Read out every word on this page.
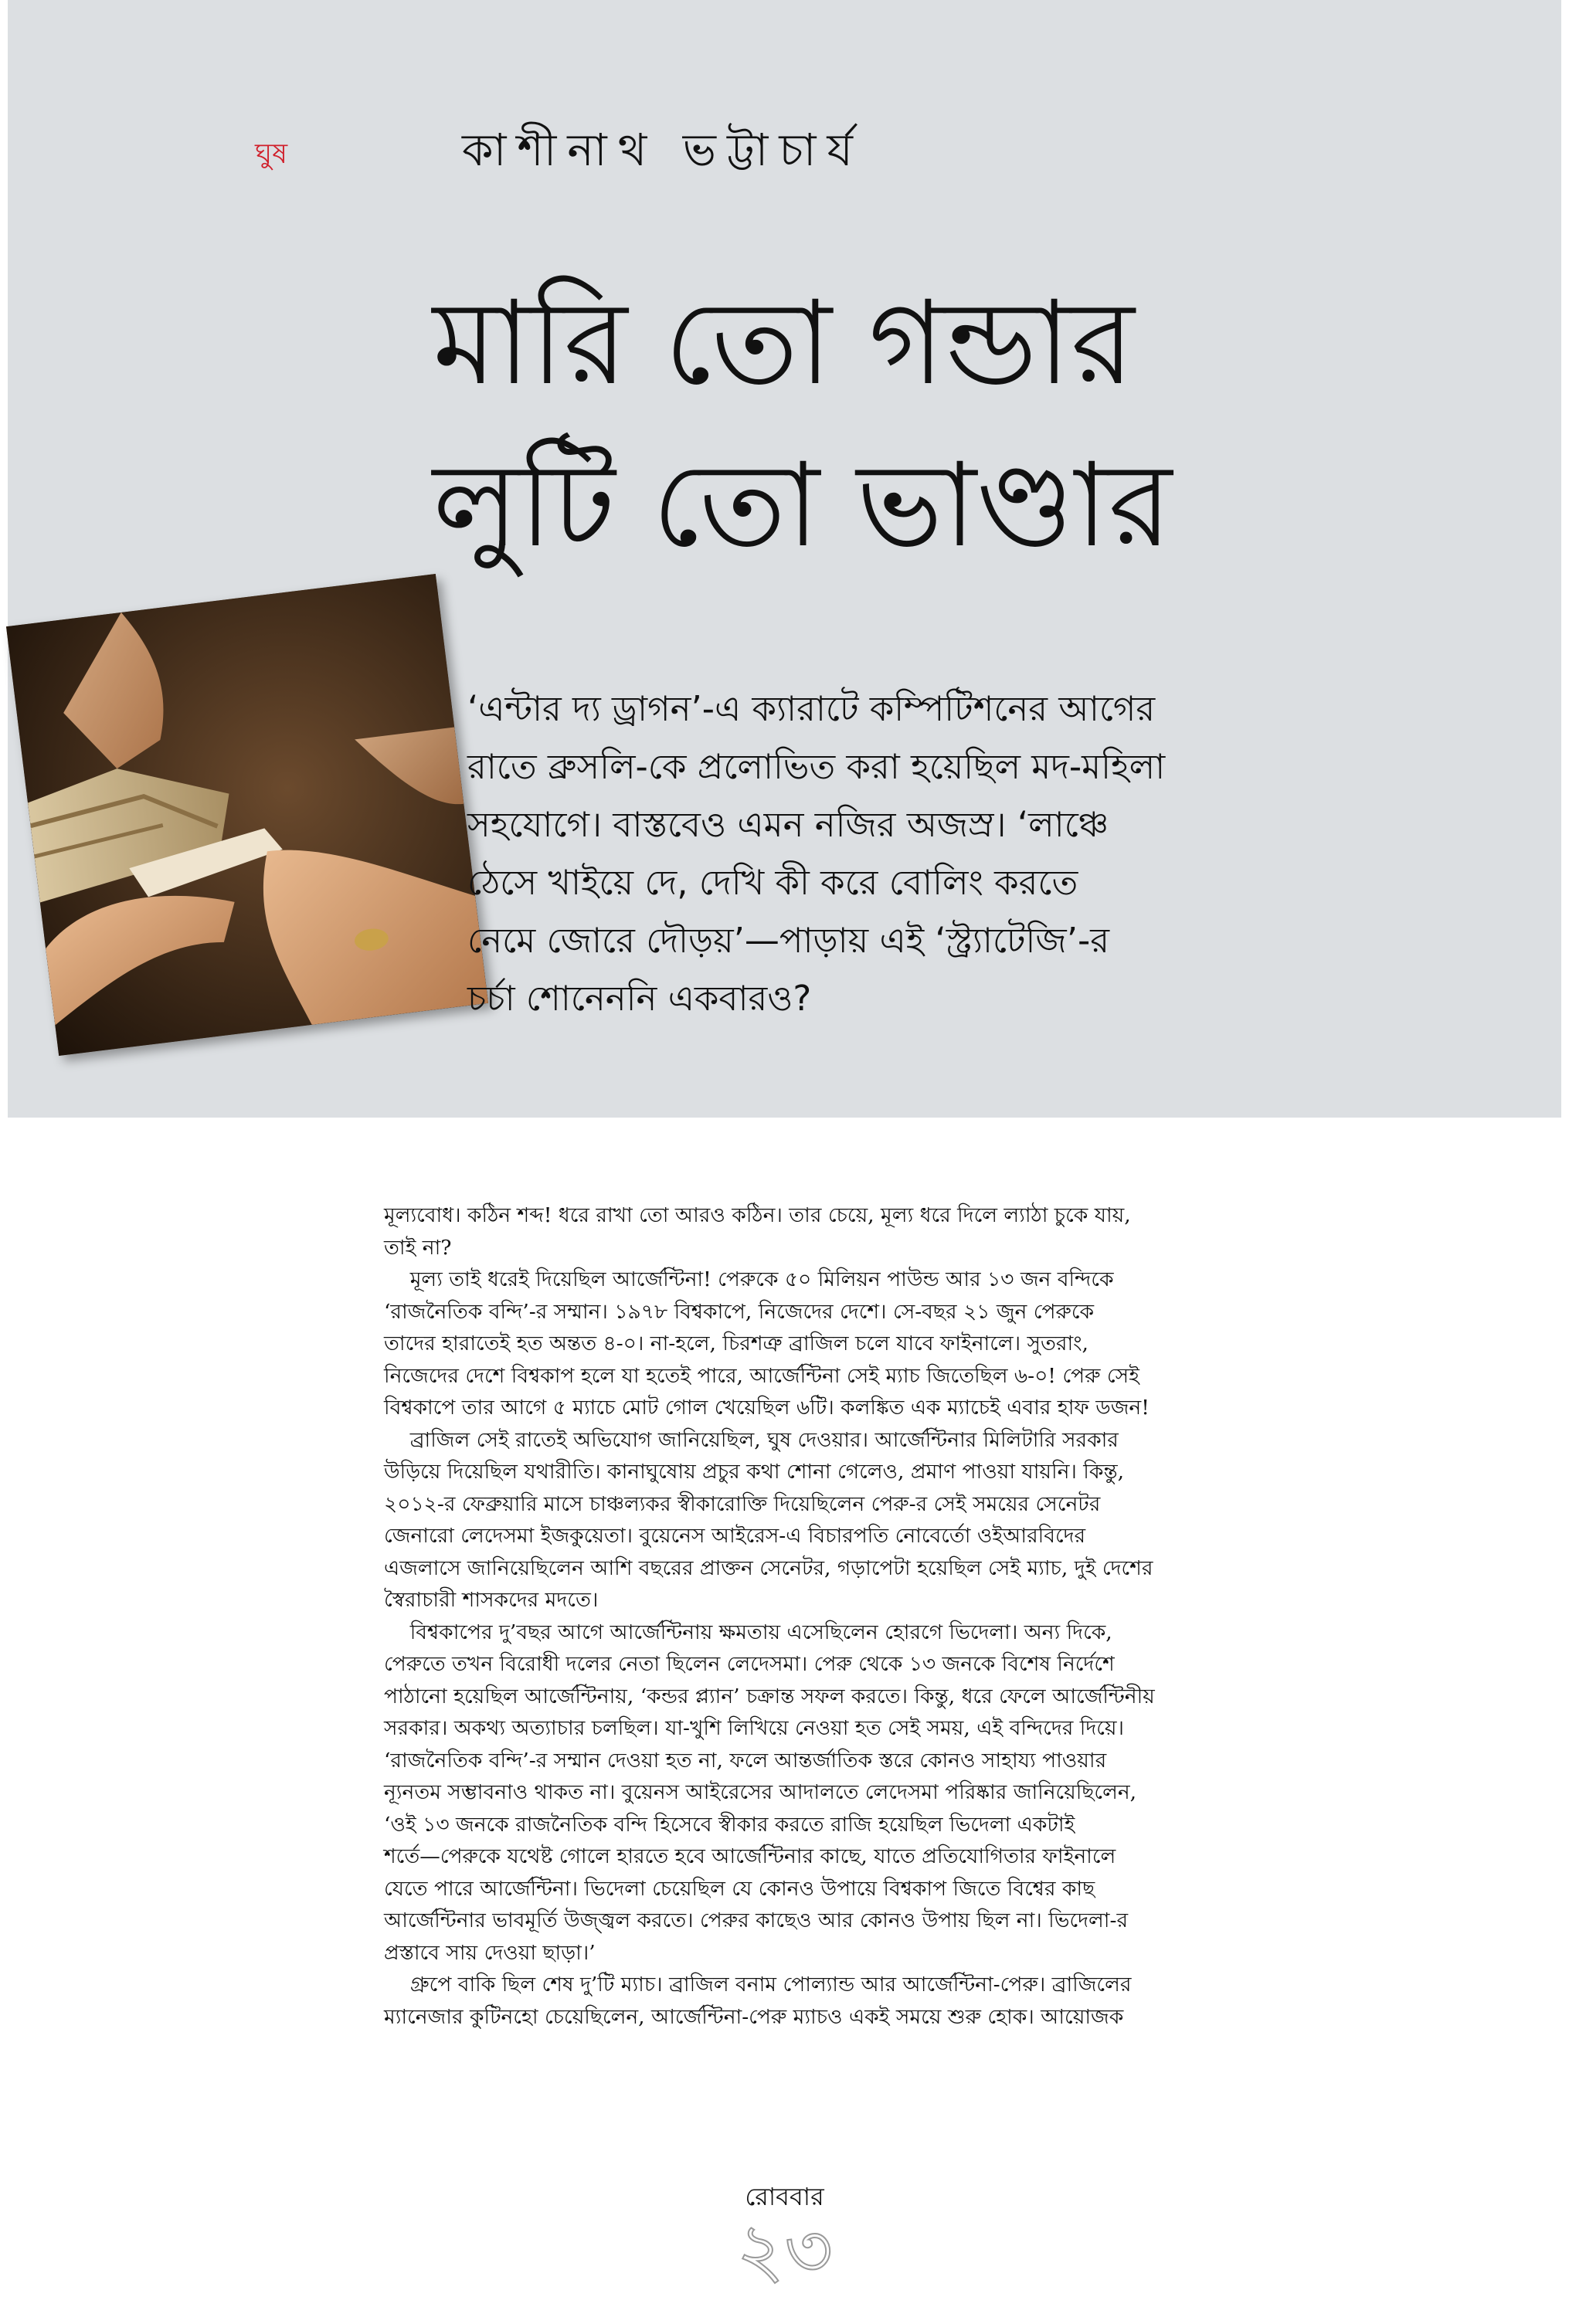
ঘুষ	কাশীনাথ ভট্টাচার্য
মারি তো গন্ডার
লুটি তো ভাণ্ডার
‘এন্টার দ্য ড্রাগন’-এ ক্যারাটে কম্পিটিশনের আগের
রাতে ব্রুসলি-কে প্রলোভিত করা হয়েছিল মদ-মহিলা
সহযোগে। বাস্তবেও এমন নজির অজস্র। ‘লাঞ্চে
ঠেসে খাইয়ে দে, দেখি কী করে বোলিং করতে
নেমে জোরে দৌড়য়’—পাড়ায় এই ‘স্ট্র্যাটেজি’-র
চর্চা শোনেননি একবারও?
মূল্যবোধ। কঠিন শব্দ! ধরে রাখা তো আরও কঠিন। তার চেয়ে, মূল্য ধরে দিলে ল্যাঠা চুকে যায়,
তাই না?
মূল্য তাই ধরেই দিয়েছিল আর্জেন্টিনা! পেরুকে ৫০ মিলিয়ন পাউন্ড আর ১৩ জন বন্দিকে
‘রাজনৈতিক বন্দি’-র সম্মান। ১৯৭৮ বিশ্বকাপে, নিজেদের দেশে। সে-বছর ২১ জুন পেরুকে
তাদের হারাতেই হত অন্তত ৪-০। না-হলে, চিরশত্রু ব্রাজিল চলে যাবে ফাইনালে। সুতরাং,
নিজেদের দেশে বিশ্বকাপ হলে যা হতেই পারে, আর্জেন্টিনা সেই ম্যাচ জিতেছিল ৬-০! পেরু সেই
বিশ্বকাপে তার আগে ৫ ম্যাচে মোট গোল খেয়েছিল ৬টি। কলঙ্কিত এক ম্যাচেই এবার হাফ ডজন!
ব্রাজিল সেই রাতেই অভিযোগ জানিয়েছিল, ঘুষ দেওয়ার। আর্জেন্টিনার মিলিটারি সরকার
উড়িয়ে দিয়েছিল যথারীতি। কানাঘুষোয় প্রচুর কথা শোনা গেলেও, প্রমাণ পাওয়া যায়নি। কিন্তু,
২০১২-র ফেব্রুয়ারি মাসে চাঞ্চল্যকর স্বীকারোক্তি দিয়েছিলেন পেরু-র সেই সময়ের সেনেটর
জেনারো লেদেসমা ইজকুয়েতা। বুয়েনেস আইরেস-এ বিচারপতি নোবের্তো ওইআরবিদের
এজলাসে জানিয়েছিলেন আশি বছরের প্রাক্তন সেনেটর, গড়াপেটা হয়েছিল সেই ম্যাচ, দুই দেশের
স্বৈরাচারী শাসকদের মদতে।
বিশ্বকাপের দু’বছর আগে আর্জেন্টিনায় ক্ষমতায় এসেছিলেন হোরগে ভিদেলা। অন্য দিকে,
পেরুতে তখন বিরোধী দলের নেতা ছিলেন লেদেসমা। পেরু থেকে ১৩ জনকে বিশেষ নির্দেশে
পাঠানো হয়েছিল আর্জেন্টিনায়, ‘কন্ডর প্ল্যান’ চক্রান্ত সফল করতে। কিন্তু, ধরে ফেলে আর্জেন্টিনীয়
সরকার। অকথ্য অত্যাচার চলছিল। যা-খুশি লিখিয়ে নেওয়া হত সেই সময়, এই বন্দিদের দিয়ে।
‘রাজনৈতিক বন্দি’-র সম্মান দেওয়া হত না, ফলে আন্তর্জাতিক স্তরে কোনও সাহায্য পাওয়ার
ন্যূনতম সম্ভাবনাও থাকত না। বুয়েনস আইরেসের আদালতে লেদেসমা পরিষ্কার জানিয়েছিলেন,
‘ওই ১৩ জনকে রাজনৈতিক বন্দি হিসেবে স্বীকার করতে রাজি হয়েছিল ভিদেলা একটাই
শর্তে—পেরুকে যথেষ্ট গোলে হারতে হবে আর্জেন্টিনার কাছে, যাতে প্রতিযোগিতার ফাইনালে
যেতে পারে আর্জেন্টিনা। ভিদেলা চেয়েছিল যে কোনও উপায়ে বিশ্বকাপ জিতে বিশ্বের কাছ
আর্জেন্টিনার ভাবমূর্তি উজ্জ্বল করতে। পেরুর কাছেও আর কোনও উপায় ছিল না। ভিদেলা-র
প্রস্তাবে সায় দেওয়া ছাড়া।’
গ্রুপে বাকি ছিল শেষ দু’টি ম্যাচ। ব্রাজিল বনাম পোল্যান্ড আর আর্জেন্টিনা-পেরু। ব্রাজিলের
ম্যানেজার কুটিনহো চেয়েছিলেন, আর্জেন্টিনা-পেরু ম্যাচও একই সময়ে শুরু হোক। আয়োজক
রোববার
২৩
